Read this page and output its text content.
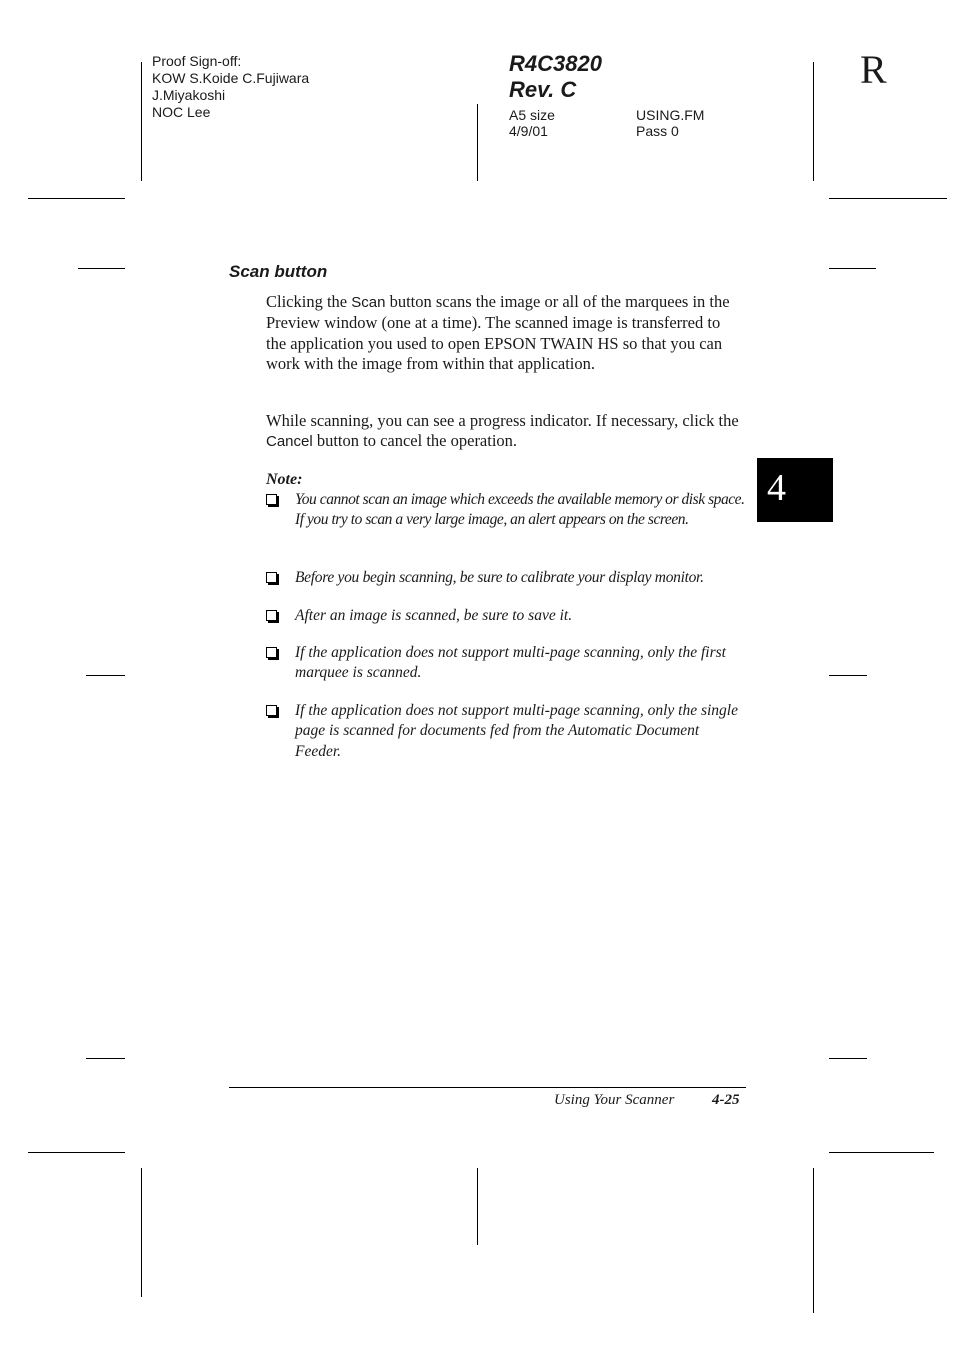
Proof Sign-off:
KOW S.Koide C.Fujiwara
J.Miyakoshi
NOC Lee
R4C3820
Rev. C
A5 size
4/9/01
USING.FM
Pass 0
R
4
Scan button
Clicking the Scan button scans the image or all of the marquees in the Preview window (one at a time). The scanned image is transferred to the application you used to open EPSON TWAIN HS so that you can work with the image from within that application.
While scanning, you can see a progress indicator. If necessary, click the Cancel button to cancel the operation.
Note:
You cannot scan an image which exceeds the available memory or disk space. If you try to scan a very large image, an alert appears on the screen.
Before you begin scanning, be sure to calibrate your display monitor.
After an image is scanned, be sure to save it.
If the application does not support multi-page scanning, only the first marquee is scanned.
If the application does not support multi-page scanning, only the single page is scanned for documents fed from the Automatic Document Feeder.
Using Your Scanner	4-25
